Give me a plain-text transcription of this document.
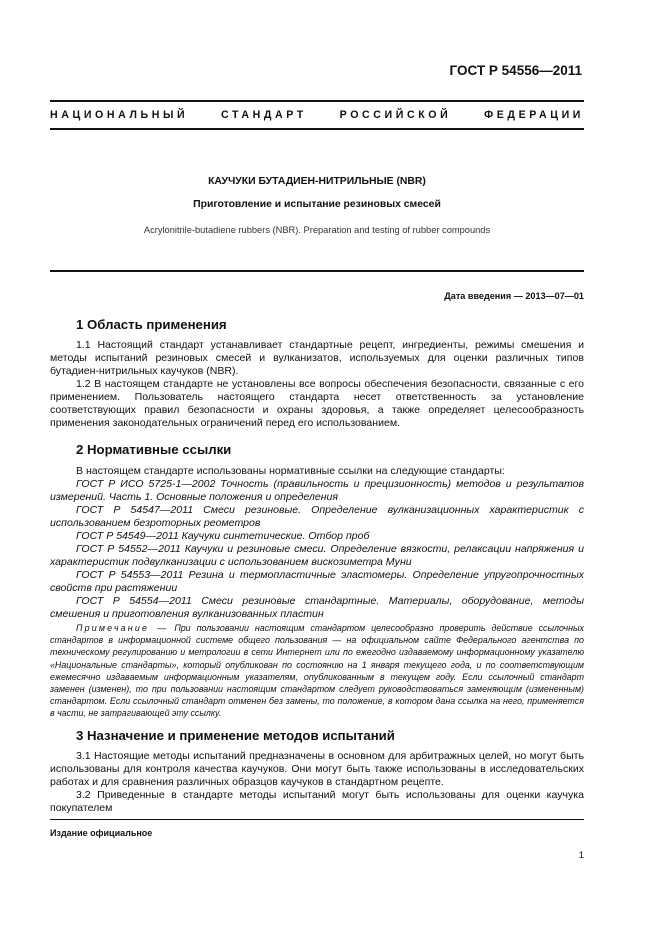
ГОСТ Р 54556—2011
НАЦИОНАЛЬНЫЙ СТАНДАРТ РОССИЙСКОЙ ФЕДЕРАЦИИ
КАУЧУКИ БУТАДИЕН-НИТРИЛЬНЫЕ (NBR)
Приготовление и испытание резиновых смесей
Acrylonitrile-butadiene rubbers (NBR). Preparation and testing of rubber compounds
Дата введения — 2013—07—01
1 Область применения
1.1 Настоящий стандарт устанавливает стандартные рецепт, ингредиенты, режимы смешения и методы испытаний резиновых смесей и вулканизатов, используемых для оценки различных типов бутадиен-нитрильных каучуков (NBR).
1.2 В настоящем стандарте не установлены все вопросы обеспечения безопасности, связанные с его применением. Пользователь настоящего стандарта несет ответственность за установление соответствующих правил безопасности и охраны здоровья, а также определяет целесообразность применения законодательных ограничений перед его использованием.
2 Нормативные ссылки
В настоящем стандарте использованы нормативные ссылки на следующие стандарты:
ГОСТ Р ИСО 5725-1—2002 Точность (правильность и прецизионность) методов и результатов измерений. Часть 1. Основные положения и определения
ГОСТ Р 54547—2011 Смеси резиновые. Определение вулканизационных характеристик с использованием безроторных реометров
ГОСТ Р 54549—2011 Каучуки синтетические. Отбор проб
ГОСТ Р 54552—2011 Каучуки и резиновые смеси. Определение вязкости, релаксации напряжения и характеристик подвулканизации с использованием вискозиметра Муни
ГОСТ Р 54553—2011 Резина и термопластичные эластомеры. Определение упругопрочностных свойств при растяжении
ГОСТ Р 54554—2011 Смеси резиновые стандартные. Материалы, оборудование, методы смешения и приготовления вулканизованных пластин
Примечание — При пользовании настоящим стандартом целесообразно проверить действие ссылочных стандартов в информационной системе общего пользования — на официальном сайте Федерального агентства по техническому регулированию и метрологии в сети Интернет или по ежегодно издаваемому информационному указателю «Национальные стандарты», который опубликован по состоянию на 1 января текущего года, и по соответствующим ежемесячно издаваемым информационным указателям, опубликованным в текущем году. Если ссылочный стандарт заменен (изменен), то при пользовании настоящим стандартом следует руководствоваться заменяющим (измененным) стандартом. Если ссылочный стандарт отменен без замены, то положение, в котором дана ссылка на него, применяется в части, не затрагивающей эту ссылку.
3 Назначение и применение методов испытаний
3.1 Настоящие методы испытаний предназначены в основном для арбитражных целей, но могут быть использованы для контроля качества каучуков. Они могут быть также использованы в исследовательских работах и для сравнения различных образцов каучуков в стандартном рецепте.
3.2 Приведенные в стандарте методы испытаний могут быть использованы для оценки каучука покупателем
Издание официальное
1
